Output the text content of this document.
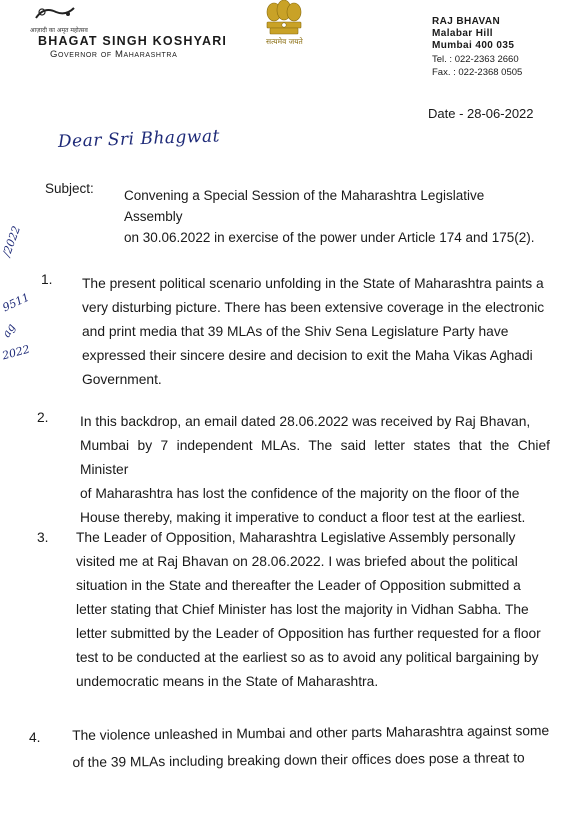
आज़ादी का अमृत महोत्सव
BHAGAT SINGH KOSHYARI
Governor of Maharashtra
सत्यमेव जयते
RAJ BHAVAN
Malabar Hill
Mumbai 400 035
Tel. : 022-2363 2660
Fax. : 022-2368 0505
Date - 28-06-2022
Dear Sri Bhagwat
Subject: Convening a Special Session of the Maharashtra Legislative Assembly
on 30.06.2022 in exercise of the power under Article 174 and 175(2).
/2022
9511
ag
2022
1. The present political scenario unfolding in the State of Maharashtra paints a
very disturbing picture. There has been extensive coverage in the electronic
and print media that 39 MLAs of the Shiv Sena Legislature Party have
expressed their sincere desire and decision to exit the Maha Vikas Aghadi
Government.
2. In this backdrop, an email dated 28.06.2022 was received by Raj Bhavan,
Mumbai by 7 independent MLAs. The said letter states that the Chief Minister
of Maharashtra has lost the confidence of the majority on the floor of the
House thereby, making it imperative to conduct a floor test at the earliest.
3. The Leader of Opposition, Maharashtra Legislative Assembly personally
visited me at Raj Bhavan on 28.06.2022. I was briefed about the political
situation in the State and thereafter the Leader of Opposition submitted a
letter stating that Chief Minister has lost the majority in Vidhan Sabha. The
letter submitted by the Leader of Opposition has further requested for a floor
test to be conducted at the earliest so as to avoid any political bargaining by
undemocratic means in the State of Maharashtra.
4. The violence unleashed in Mumbai and other parts Maharashtra against some
of the 39 MLAs including breaking down their offices does pose a threat to
